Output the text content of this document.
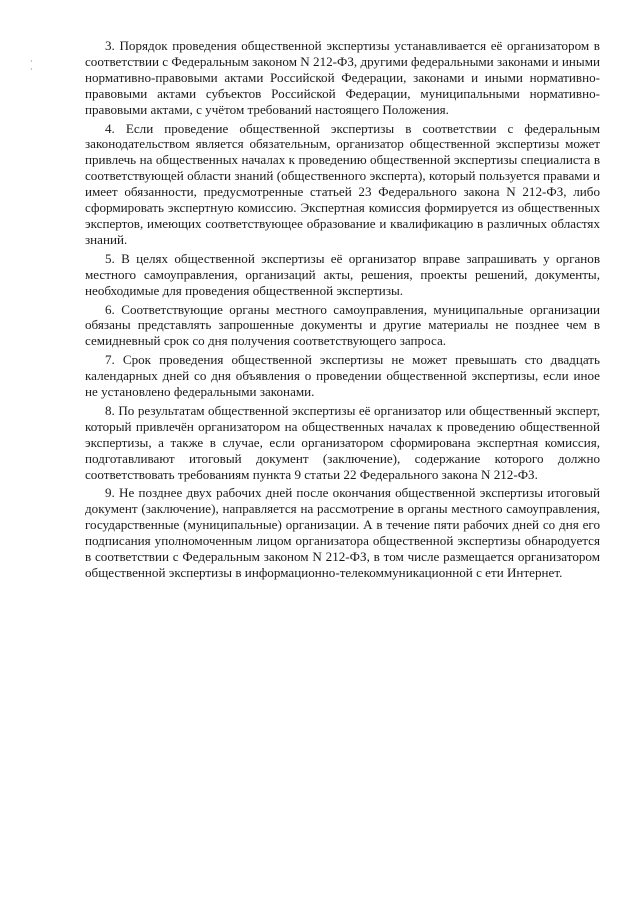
·
·

3. Порядок проведения общественной экспертизы устанавливается её организатором в соответствии с Федеральным законом N 212-ФЗ, другими федеральными законами и иными нормативно-правовыми актами Российской Федерации, законами и иными нормативно-правовыми актами субъектов Российской Федерации, муниципальными нормативно-правовыми актами, с учётом требований настоящего Положения.

4. Если проведение общественной экспертизы в соответствии с федеральным законодательством является обязательным, организатор общественной экспертизы может привлечь на общественных началах к проведению общественной экспертизы специалиста в соответствующей области знаний (общественного эксперта), который пользуется правами и имеет обязанности, предусмотренные статьей 23 Федерального закона N 212-ФЗ, либо сформировать экспертную комиссию. Экспертная комиссия формируется из общественных экспертов, имеющих соответствующее образование и квалификацию в различных областях знаний.

5. В целях общественной экспертизы её организатор вправе запрашивать у органов местного самоуправления, организаций акты, решения, проекты решений, документы, необходимые для проведения общественной экспертизы.

6. Соответствующие органы местного самоуправления, муниципальные организации обязаны представлять запрошенные документы и другие материалы не позднее чем в семидневный срок со дня получения соответствующего запроса.

7. Срок проведения общественной экспертизы не может превышать сто двадцать календарных дней со дня объявления о проведении общественной экспертизы, если иное не установлено федеральными законами.

8. По результатам общественной экспертизы её организатор или общественный эксперт, который привлечён организатором на общественных началах к проведению общественной экспертизы, а также в случае, если организатором сформирована экспертная комиссия, подготавливают итоговый документ (заключение), содержание которого должно соответствовать требованиям пункта 9 статьи 22 Федерального закона N 212-ФЗ.

9. Не позднее двух рабочих дней после окончания общественной экспертизы итоговый документ (заключение), направляется на рассмотрение в органы местного самоуправления, государственные (муниципальные) организации. А в течение пяти рабочих дней со дня его подписания уполномоченным лицом организатора общественной экспертизы обнародуется в соответствии с Федеральным законом N 212-ФЗ, в том числе размещается организатором общественной экспертизы в информационно-телекоммуникационной с ети Интернет.
